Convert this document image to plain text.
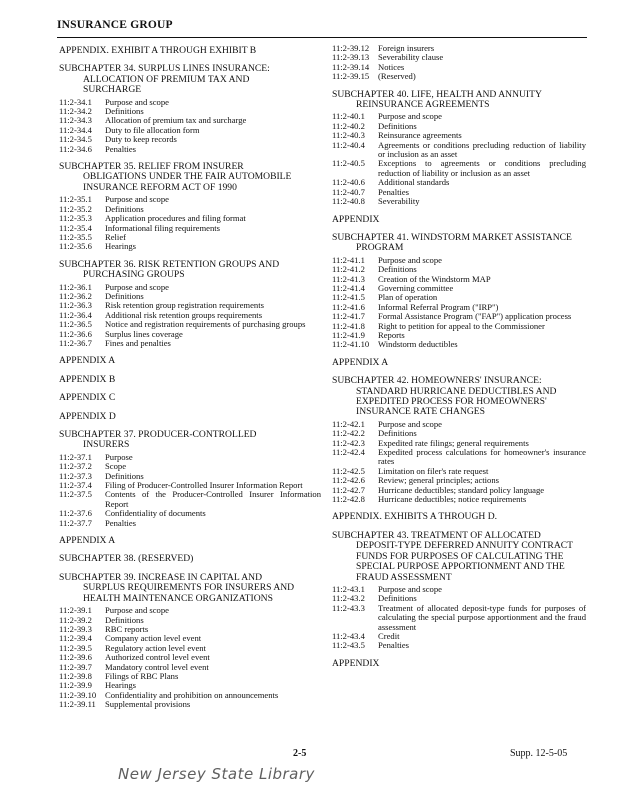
INSURANCE GROUP
APPENDIX. EXHIBIT A THROUGH EXHIBIT B
SUBCHAPTER 34. SURPLUS LINES INSURANCE:
ALLOCATION OF PREMIUM TAX AND
SURCHARGE
11:2-34.1	Purpose and scope
11:2-34.2	Definitions
11:2-34.3	Allocation of premium tax and surcharge
11:2-34.4	Duty to file allocation form
11:2-34.5	Duty to keep records
11:2-34.6	Penalties
SUBCHAPTER 35. RELIEF FROM INSURER
OBLIGATIONS UNDER THE FAIR AUTOMOBILE
INSURANCE REFORM ACT OF 1990
11:2-35.1	Purpose and scope
11:2-35.2	Definitions
11:2-35.3	Application procedures and filing format
11:2-35.4	Informational filing requirements
11:2-35.5	Relief
11:2-35.6	Hearings
SUBCHAPTER 36. RISK RETENTION GROUPS AND
PURCHASING GROUPS
11:2-36.1	Purpose and scope
11:2-36.2	Definitions
11:2-36.3	Risk retention group registration requirements
11:2-36.4	Additional risk retention groups requirements
11:2-36.5	Notice and registration requirements of purchasing groups
11:2-36.6	Surplus lines coverage
11:2-36.7	Fines and penalties
APPENDIX A
APPENDIX B
APPENDIX C
APPENDIX D
SUBCHAPTER 37. PRODUCER-CONTROLLED
INSURERS
11:2-37.1	Purpose
11:2-37.2	Scope
11:2-37.3	Definitions
11:2-37.4	Filing of Producer-Controlled Insurer Information Report
11:2-37.5	Contents of the Producer-Controlled Insurer Information Report
11:2-37.6	Confidentiality of documents
11:2-37.7	Penalties
APPENDIX A
SUBCHAPTER 38. (RESERVED)
SUBCHAPTER 39. INCREASE IN CAPITAL AND
SURPLUS REQUIREMENTS FOR INSURERS AND
HEALTH MAINTENANCE ORGANIZATIONS
11:2-39.1	Purpose and scope
11:2-39.2	Definitions
11:2-39.3	RBC reports
11:2-39.4	Company action level event
11:2-39.5	Regulatory action level event
11:2-39.6	Authorized control level event
11:2-39.7	Mandatory control level event
11:2-39.8	Filings of RBC Plans
11:2-39.9	Hearings
11:2-39.10	Confidentiality and prohibition on announcements
11:2-39.11	Supplemental provisions
11:2-39.12	Foreign insurers
11:2-39.13	Severability clause
11:2-39.14	Notices
11:2-39.15	(Reserved)
SUBCHAPTER 40. LIFE, HEALTH AND ANNUITY
REINSURANCE AGREEMENTS
11:2-40.1	Purpose and scope
11:2-40.2	Definitions
11:2-40.3	Reinsurance agreements
11:2-40.4	Agreements or conditions precluding reduction of liability or inclusion as an asset
11:2-40.5	Exceptions to agreements or conditions precluding reduction of liability or inclusion as an asset
11:2-40.6	Additional standards
11:2-40.7	Penalties
11:2-40.8	Severability
APPENDIX
SUBCHAPTER 41. WINDSTORM MARKET ASSISTANCE
PROGRAM
11:2-41.1	Purpose and scope
11:2-41.2	Definitions
11:2-41.3	Creation of the Windstorm MAP
11:2-41.4	Governing committee
11:2-41.5	Plan of operation
11:2-41.6	Informal Referral Program ("IRP")
11:2-41.7	Formal Assistance Program ("FAP") application process
11:2-41.8	Right to petition for appeal to the Commissioner
11:2-41.9	Reports
11:2-41.10	Windstorm deductibles
APPENDIX A
SUBCHAPTER 42. HOMEOWNERS' INSURANCE:
STANDARD HURRICANE DEDUCTIBLES AND
EXPEDITED PROCESS FOR HOMEOWNERS'
INSURANCE RATE CHANGES
11:2-42.1	Purpose and scope
11:2-42.2	Definitions
11:2-42.3	Expedited rate filings; general requirements
11:2-42.4	Expedited process calculations for homeowner's insurance rates
11:2-42.5	Limitation on filer's rate request
11:2-42.6	Review; general principles; actions
11:2-42.7	Hurricane deductibles; standard policy language
11:2-42.8	Hurricane deductibles; notice requirements
APPENDIX. EXHIBITS A THROUGH D.
SUBCHAPTER 43. TREATMENT OF ALLOCATED
DEPOSIT-TYPE DEFERRED ANNUITY CONTRACT
FUNDS FOR PURPOSES OF CALCULATING THE
SPECIAL PURPOSE APPORTIONMENT AND THE
FRAUD ASSESSMENT
11:2-43.1	Purpose and scope
11:2-43.2	Definitions
11:2-43.3	Treatment of allocated deposit-type funds for purposes of calculating the special purpose apportionment and the fraud assessment
11:2-43.4	Credit
11:2-43.5	Penalties
APPENDIX
2-5	Supp. 12-5-05
New Jersey State Library
